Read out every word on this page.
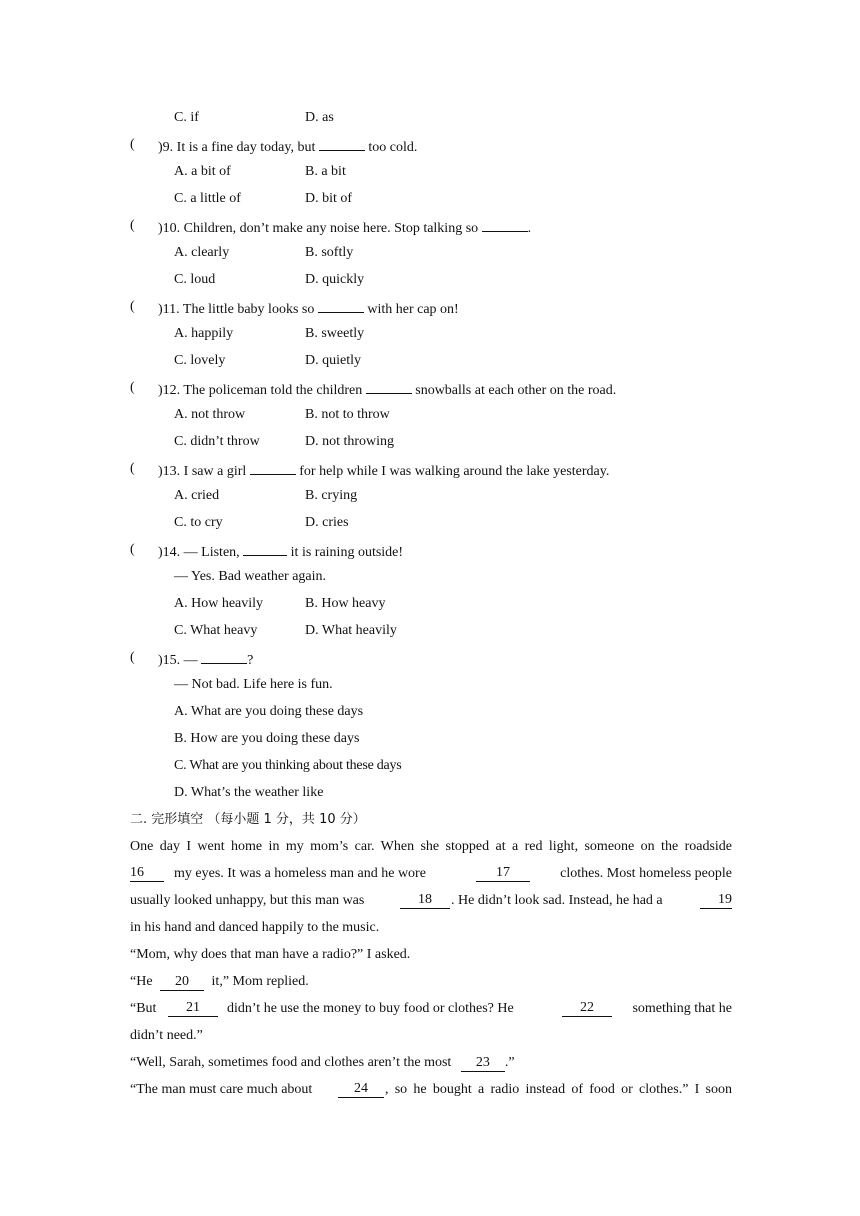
C. if	D. as
( )9. It is a fine day today, but	too cold.
A. a bit of	B. a bit
C. a little of	D. bit of
( )10. Children, don’t make any noise here. Stop talking so	.
A. clearly	B. softly
C. loud	D. quickly
( )11. The little baby looks so	with her cap on!
A. happily	B. sweetly
C. lovely	D. quietly
( )12. The policeman told the children	snowballs at each other on the road.
A. not throw	B. not to throw
C. didn’t throw	D. not throwing
( )13. I saw a girl	for help while I was walking around the lake yesterday.
A. cried	B. crying
C. to cry	D. cries
( )14. — Listen,	it is raining outside!
— Yes. Bad weather again.
A. How heavily	B. How heavy
C. What heavy	D. What heavily
( )15. —	?
— Not bad. Life here is fun.
A. What are you doing these days
B. How are you doing these days
C. What are you thinking about these days
D. What’s the weather like
二. 完形填空 （每小题 1 分，共 10 分）
One day I went home in my mom’s car. When she stopped at a red light, someone on the roadside
16	my eyes. It was a homeless man and he wore	17	clothes. Most homeless people
usually looked unhappy, but this man was	18	. He didn’t look sad. Instead, he had a	19
in his hand and danced happily to the music.
“Mom, why does that man have a radio?” I asked.
“He 20 it,” Mom replied.
“But	21	didn’t he use the money to buy food or clothes? He	22	something that he
didn’t need.”
“Well, Sarah, sometimes food and clothes aren’t the most 23 .”
“The man must care much about	24	, so he bought a radio instead of food or clothes.” I soon
